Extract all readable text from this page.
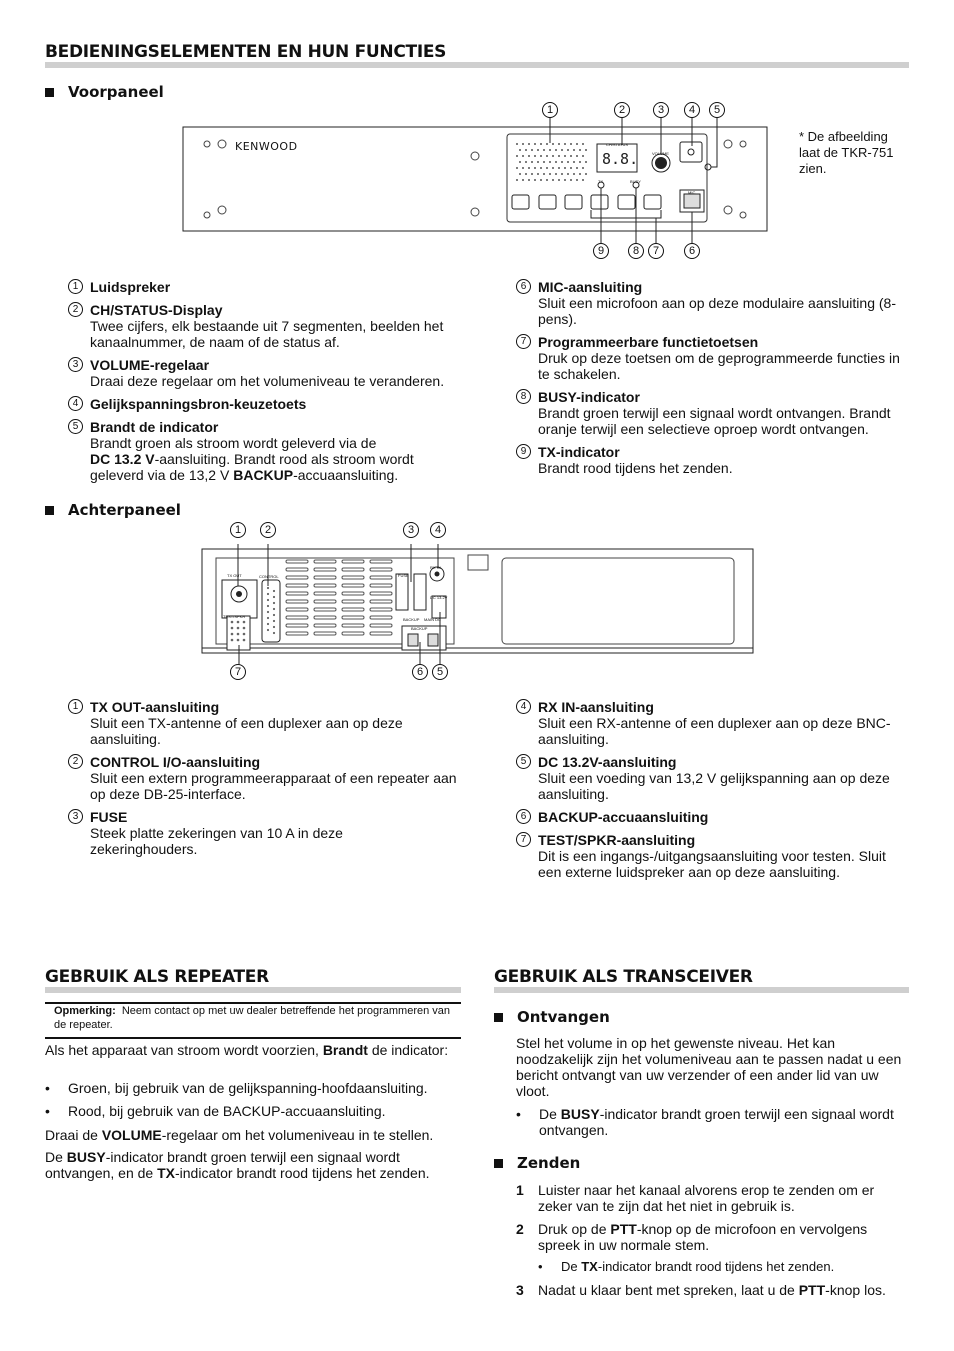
BEDIENINGSELEMENTEN EN HUN FUNCTIES
Voorpaneel
8.8.
KENWOOD	CH/STATUS
VOLUME
TX	BUSY
MIC
1	2	3	4	5
9	8	7	6
* De afbeelding laat de TKR-751 zien.
1 Luidspreker
2 CH/STATUS-Display
Twee cijfers, elk bestaande uit 7 segmenten, beelden het kanaalnummer, de naam of de status af.
3 VOLUME-regelaar
Draai deze regelaar om het volumeniveau te veranderen.
4 Gelijkspanningsbron-keuzetoets
5 Brandt de indicator
Brandt groen als stroom wordt geleverd via de
DC 13.2 V-aansluiting. Brandt rood als stroom wordt geleverd via de 13,2 V BACKUP-accuaansluiting.
6 MIC-aansluiting
Sluit een microfoon aan op deze modulaire aansluiting (8-pens).
7 Programmeerbare functietoetsen
Druk op deze toetsen om de geprogrammeerde functies in te schakelen.
8 BUSY-indicator
Brandt groen terwijl een signaal wordt ontvangen. Brandt oranje terwijl een selectieve oproep wordt ontvangen.
9 TX-indicator
Brandt rood tijdens het zenden.
Achterpaneel
TX OUT	CONTROL
TEST/SPKR
RX IN
FUSE
DC 13.2V
BACKUP MAIN DC
BACKUP
1	2	3	4
7	6	5
1 TX OUT-aansluiting
Sluit een TX-antenne of een duplexer aan op deze aansluiting.
2 CONTROL I/O-aansluiting
Sluit een extern programmeerapparaat of een repeater aan op deze DB-25-interface.
3 FUSE
Steek platte zekeringen van 10 A in deze zekeringhouders.
4 RX IN-aansluiting
Sluit een RX-antenne of een duplexer aan op deze BNC-aansluiting.
5 DC 13.2V-aansluiting
Sluit een voeding van 13,2 V gelijkspanning aan op deze aansluiting.
6 BACKUP-accuaansluiting
7 TEST/SPKR-aansluiting
Dit is een ingangs-/uitgangsaansluiting voor testen. Sluit een externe luidspreker aan op deze aansluiting.
GEBRUIK ALS REPEATER
Opmerking: Neem contact op met uw dealer betreffende het programmeren van de repeater.
Als het apparaat van stroom wordt voorzien, Brandt de indicator:
• Groen, bij gebruik van de gelijkspanning-hoofdaansluiting.
• Rood, bij gebruik van de BACKUP-accuaansluiting.
Draai de VOLUME-regelaar om het volumeniveau in te stellen.
De BUSY-indicator brandt groen terwijl een signaal wordt ontvangen, en de TX-indicator brandt rood tijdens het zenden.
GEBRUIK ALS TRANSCEIVER
Ontvangen
Stel het volume in op het gewenste niveau. Het kan noodzakelijk zijn het volumeniveau aan te passen nadat u een bericht ontvangt van uw verzender of een ander lid van uw vloot.
• De BUSY-indicator brandt groen terwijl een signaal wordt ontvangen.
Zenden
1 Luister naar het kanaal alvorens erop te zenden om er zeker van te zijn dat het niet in gebruik is.
2 Druk op de PTT-knop op de microfoon en vervolgens spreek in uw normale stem.
• De TX-indicator brandt rood tijdens het zenden.
3 Nadat u klaar bent met spreken, laat u de PTT-knop los.
